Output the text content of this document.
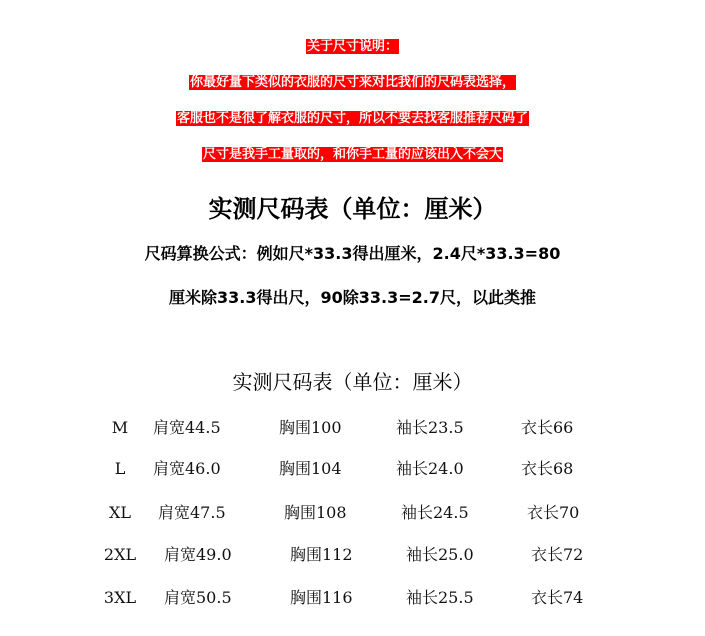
关于尺寸说明：
你最好量下类似的衣服的尺寸来对比我们的尺码表选择，
客服也不是很了解衣服的尺寸，所以不要去找客服推荐尺码了
尺寸是我手工量取的，和你手工量的应该出入不会大
实测尺码表（单位：厘米）
尺码算换公式：例如尺*33.3得出厘米，2.4尺*33.3=80
厘米除33.3得出尺，90除33.3=2.7尺，以此类推
实测尺码表（单位：厘米）
M	肩宽44.5	胸围100	袖长23.5	衣长66
L	肩宽46.0	胸围104	袖长24.0	衣长68
XL	肩宽47.5	胸围108	袖长24.5	衣长70
2XL	肩宽49.0	胸围112	袖长25.0	衣长72
3XL	肩宽50.5	胸围116	袖长25.5	衣长74
